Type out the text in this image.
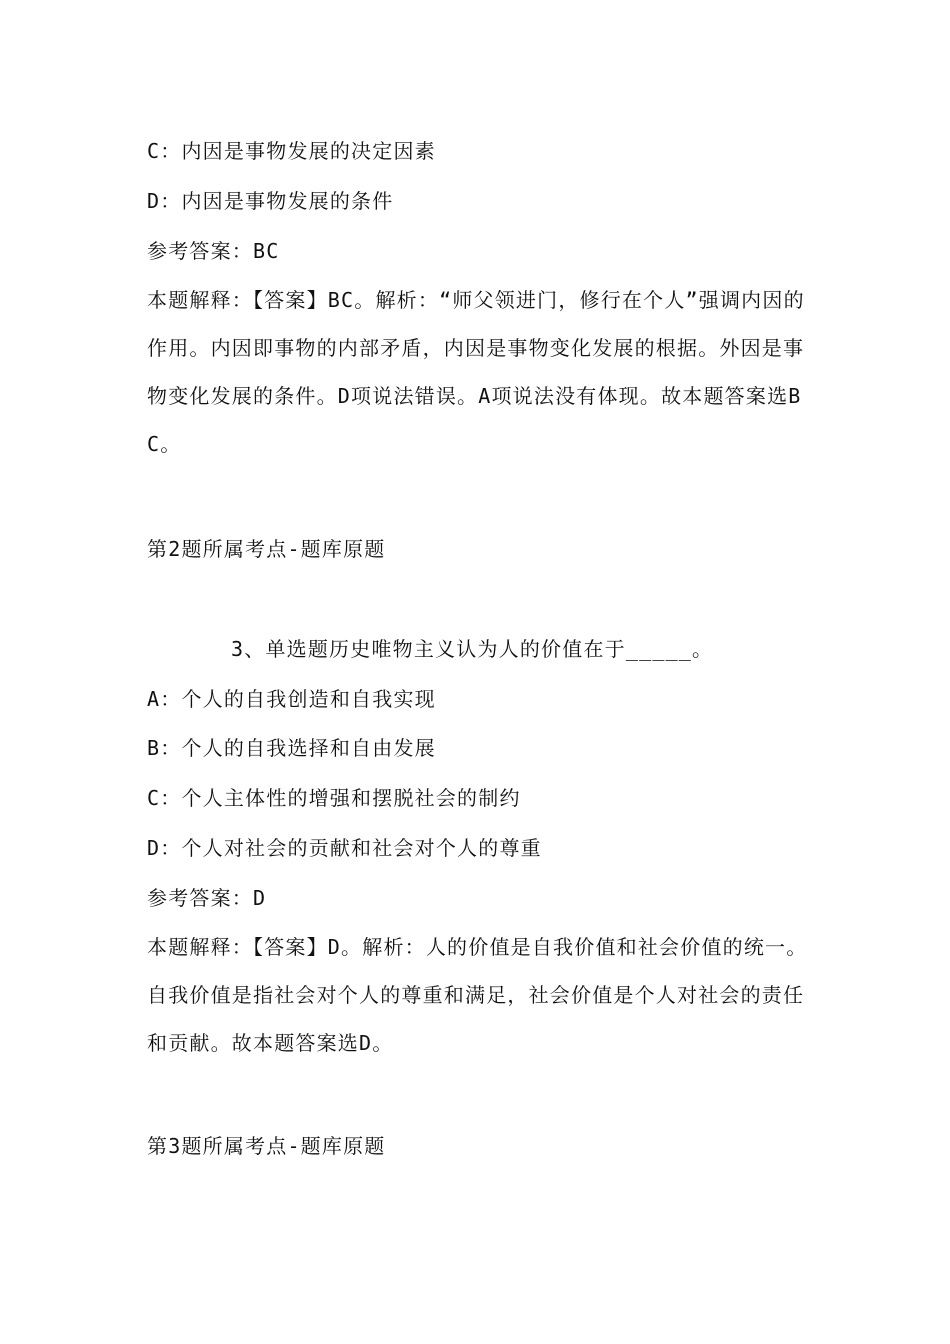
C：内因是事物发展的决定因素
D：内因是事物发展的条件
参考答案：BC
本题解释：【答案】BC。解析：“师父领进门，修行在个人”强调内因的作用。内因即事物的内部矛盾，内因是事物变化发展的根据。外因是事物变化发展的条件。D项说法错误。A项说法没有体现。故本题答案选BC。
第2题所属考点-题库原题
3、单选题历史唯物主义认为人的价值在于_____。
A：个人的自我创造和自我实现
B：个人的自我选择和自由发展
C：个人主体性的增强和摆脱社会的制约
D：个人对社会的贡献和社会对个人的尊重
参考答案：D
本题解释：【答案】D。解析：人的价值是自我价值和社会价值的统一。自我价值是指社会对个人的尊重和满足，社会价值是个人对社会的责任和贡献。故本题答案选D。
第3题所属考点-题库原题
